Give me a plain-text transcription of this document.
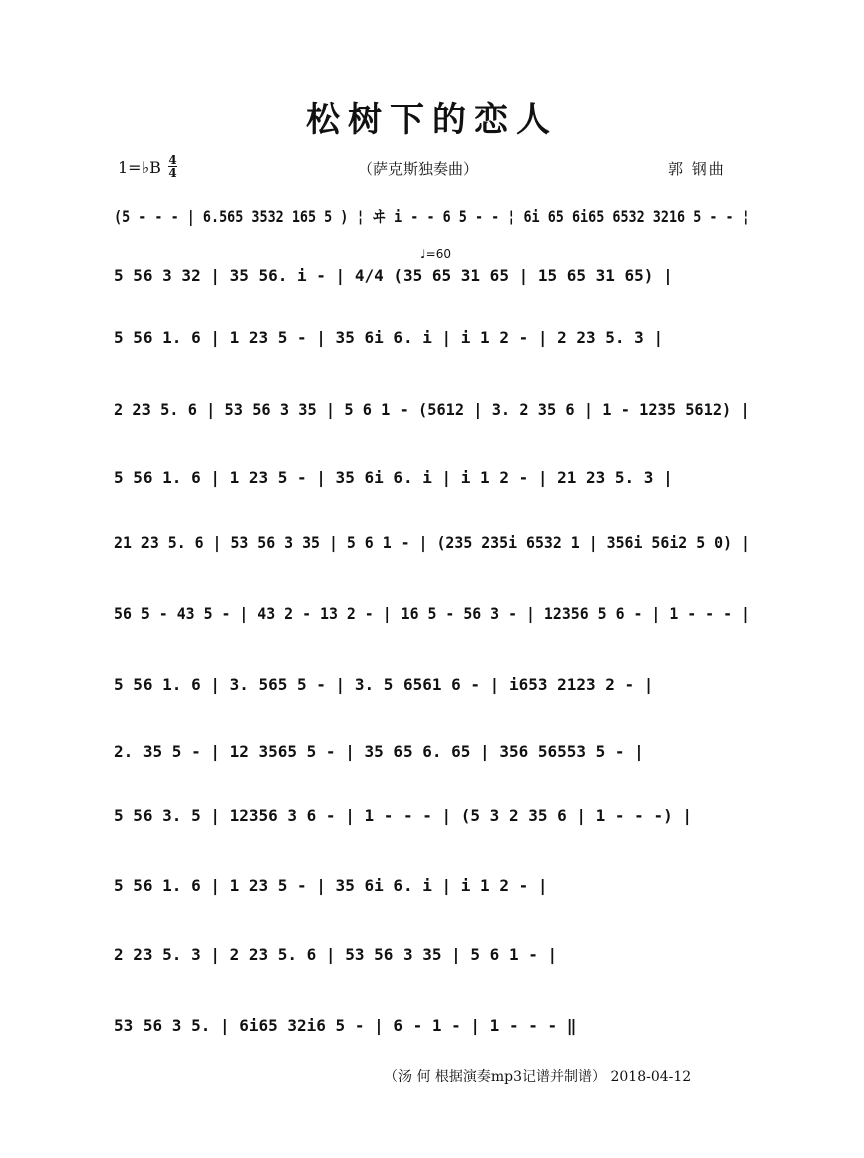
松树下的恋人
1=♭B 4
4	（萨克斯独奏曲）	郭 钢曲
♩=60
(5 - - - | 6.565 3532 165 5 ) ¦ ヰ i - - 6 5 - - ¦ 6i 65 6i65 6532 3216 5 - - ¦
5 56 3 32 | 35 56. i - | 4/4 (35 65 31 65 | 15 65 31 65) |
5 56 1. 6 | 1 23 5 - | 35 6i 6. i | i 1 2 - | 2 23 5. 3 |
2 23 5. 6 | 53 56 3 35 | 5 6 1 - (5612 | 3. 2 35 6 | 1 - 1235 5612) |
5 56 1. 6 | 1 23 5 - | 35 6i 6. i | i 1 2 - | 21 23 5. 3 |
21 23 5. 6 | 53 56 3 35 | 5 6 1 - | (235 235i 6532 1 | 356i 56i2 5 0) |
56 5 - 43 5 - | 43 2 - 13 2 - | 16 5 - 56 3 - | 12356 5 6 - | 1 - - - |
5 56 1. 6 | 3. 565 5 - | 3. 5 6561 6 - | i653 2123 2 - |
2. 35 5 - | 12 3565 5 - | 35 65 6. 65 | 356 56553 5 - |
5 56 3. 5 | 12356 3 6 - | 1 - - - | (5 3 2 35 6 | 1 - - -) |
5 56 1. 6 | 1 23 5 - | 35 6i 6. i | i 1 2 - |
2 23 5. 3 | 2 23 5. 6 | 53 56 3 35 | 5 6 1 - |
53 56 3 5. | 6i65 32i6 5 - | 6 - 1 - | 1 - - - ‖
（汤 何 根据演奏mp3记谱并制谱） 2018-04-12
